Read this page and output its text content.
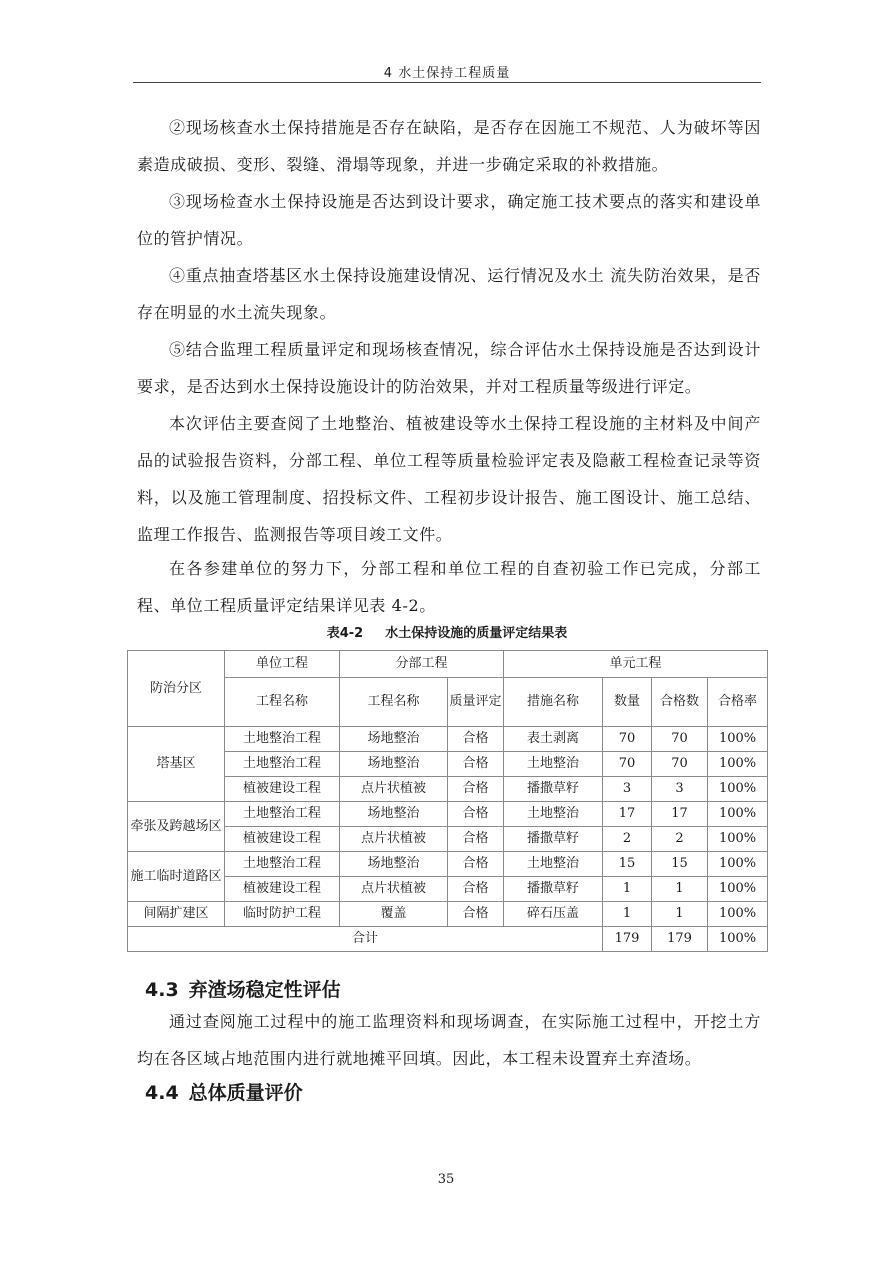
4 水土保持工程质量

②现场核查水土保持措施是否存在缺陷，是否存在因施工不规范、人为破坏等因素造成破损、变形、裂缝、滑塌等现象，并进一步确定采取的补救措施。

③现场检查水土保持设施是否达到设计要求，确定施工技术要点的落实和建设单位的管护情况。

④重点抽查塔基区水土保持设施建设情况、运行情况及水土 流失防治效果，是否存在明显的水土流失现象。

⑤结合监理工程质量评定和现场核查情况，综合评估水土保持设施是否达到设计要求，是否达到水土保持设施设计的防治效果，并对工程质量等级进行评定。

本次评估主要查阅了土地整治、植被建设等水土保持工程设施的主材料及中间产品的试验报告资料，分部工程、单位工程等质量检验评定表及隐蔽工程检查记录等资料，以及施工管理制度、招投标文件、工程初步设计报告、施工图设计、施工总结、监理工作报告、监测报告等项目竣工文件。

在各参建单位的努力下，分部工程和单位工程的自查初验工作已完成，分部工程、单位工程质量评定结果详见表 4-2。

表4-2 水土保持设施的质量评定结果表
防治分区	单位工程	分部工程		单元工程			
	工程名称	工程名称	质量评定	措施名称	数量	合格数	合格率
塔基区	土地整治工程	场地整治	合格	表土剥离	70	70	100%
	土地整治工程	场地整治	合格	土地整治	70	70	100%
	植被建设工程	点片状植被	合格	播撒草籽	3	3	100%
牵张及跨越场区	土地整治工程	场地整治	合格	土地整治	17	17	100%
	植被建设工程	点片状植被	合格	播撒草籽	2	2	100%
施工临时道路区	土地整治工程	场地整治	合格	土地整治	15	15	100%
	植被建设工程	点片状植被	合格	播撒草籽	1	1	100%
间隔扩建区	临时防护工程	覆盖	合格	碎石压盖	1	1	100%
合计					179	179	100%
4.3 弃渣场稳定性评估

通过查阅施工过程中的施工监理资料和现场调查，在实际施工过程中，开挖土方均在各区域占地范围内进行就地摊平回填。因此，本工程未设置弃土弃渣场。

4.4 总体质量评价
35
